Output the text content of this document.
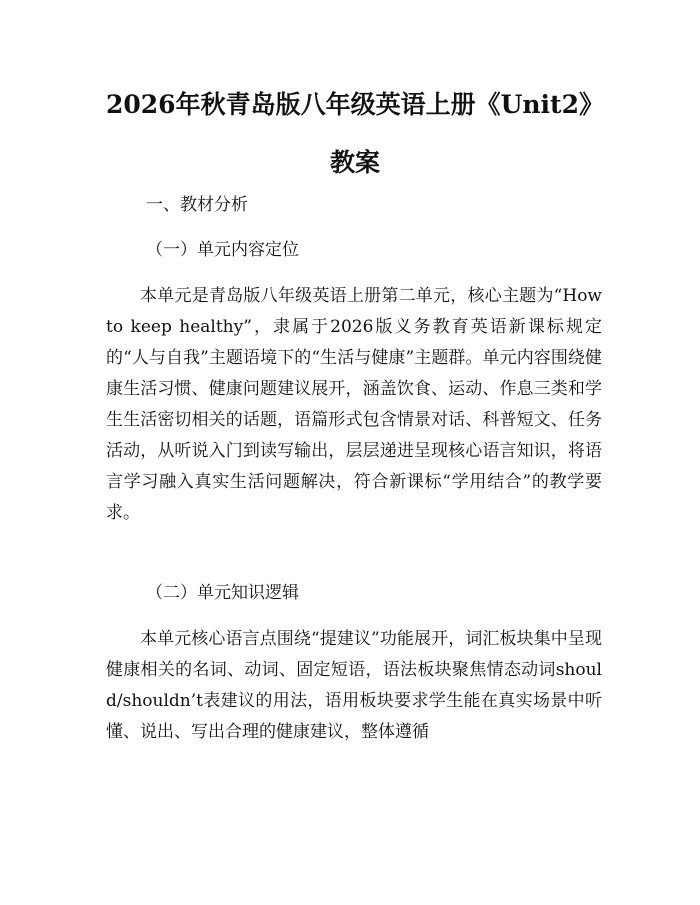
2026年秋青岛版八年级英语上册《Unit2》
教案
一、教材分析
（一）单元内容定位

本单元是青岛版八年级英语上册第二单元，核心主题为“How to keep healthy”，隶属于2026版义务教育英语新课标规定的“人与自我”主题语境下的“生活与健康”主题群。单元内容围绕健康生活习惯、健康问题建议展开，涵盖饮食、运动、作息三类和学生生活密切相关的话题，语篇形式包含情景对话、科普短文、任务活动，从听说入门到读写输出，层层递进呈现核心语言知识，将语言学习融入真实生活问题解决，符合新课标“学用结合”的教学要求。

（二）单元知识逻辑

本单元核心语言点围绕“提建议”功能展开，词汇板块集中呈现健康相关的名词、动词、固定短语，语法板块聚焦情态动词should/shouldn’t表建议的用法，语用板块要求学生能在真实场景中听懂、说出、写出合理的健康建议，整体遵循
